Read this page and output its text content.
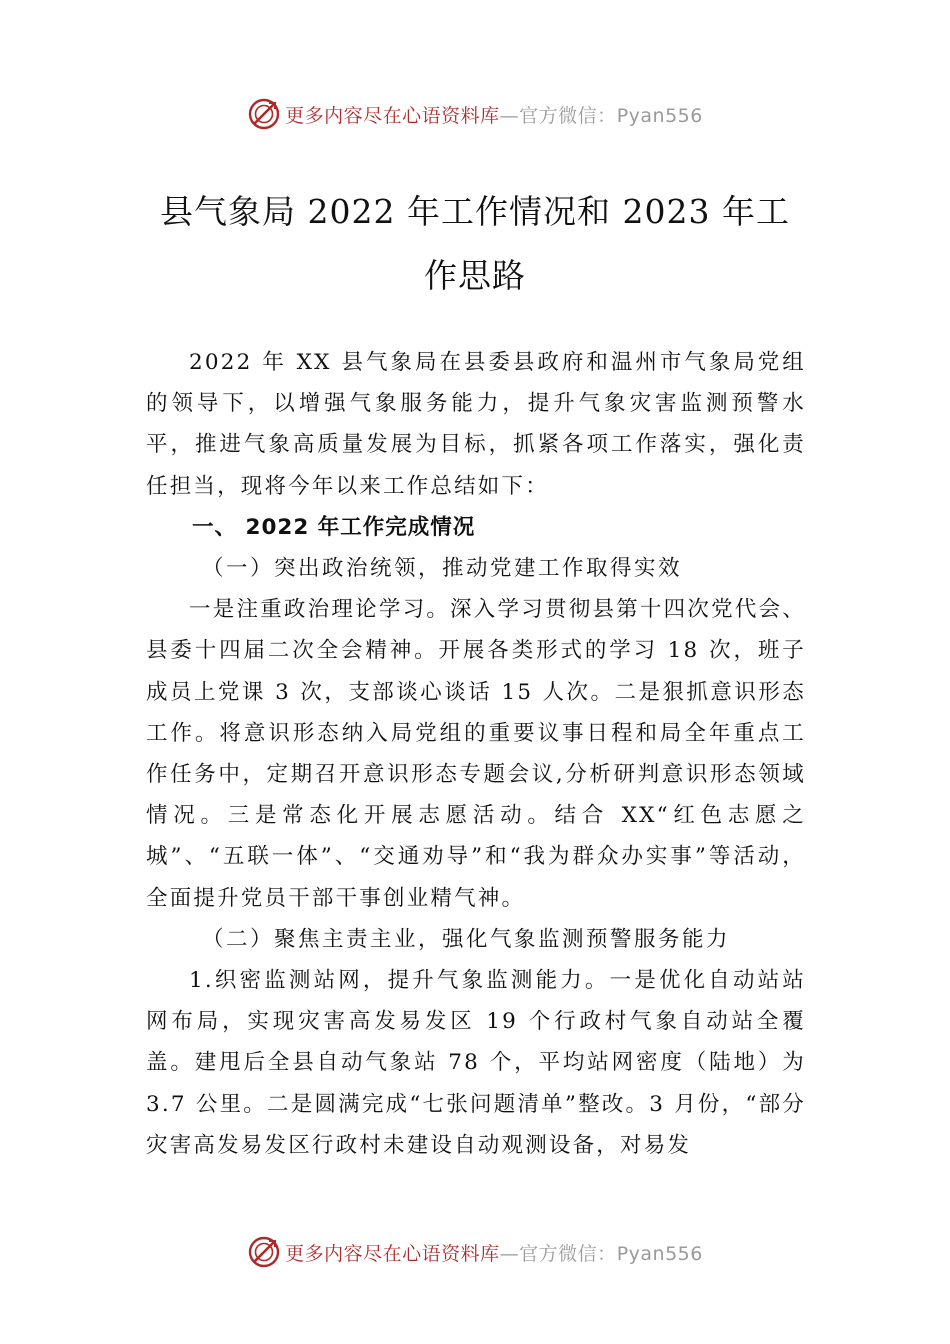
更多内容尽在心语资料库—官方微信：Pyan556
县气象局 2022 年工作情况和 2023 年工
作思路

2022 年 XX 县气象局在县委县政府和温州市气象局党组的领导下，以增强气象服务能力，提升气象灾害监测预警水平，推进气象高质量发展为目标，抓紧各项工作落实，强化责任担当，现将今年以来工作总结如下：

一、 2022 年工作完成情况
（一）突出政治统领，推动党建工作取得实效

一是注重政治理论学习。深入学习贯彻县第十四次党代会、县委十四届二次全会精神。开展各类形式的学习 18 次，班子成员上党课 3 次，支部谈心谈话 15 人次。二是狠抓意识形态工作。将意识形态纳入局党组的重要议事日程和局全年重点工作任务中，定期召开意识形态专题会议,分析研判意识形态领域情况。三是常态化开展志愿活动。结合 XX“红色志愿之城”、“五联一体”、“交通劝导”和“我为群众办实事”等活动，全面提升党员干部干事创业精气神。

（二）聚焦主责主业，强化气象监测预警服务能力

1.织密监测站网，提升气象监测能力。一是优化自动站站网布局，实现灾害高发易发区 19 个行政村气象自动站全覆盖。建甩后全县自动气象站 78 个，平均站网密度（陆地）为 3.7 公里。二是圆满完成“七张问题清单”整改。3 月份，“部分灾害高发易发区行政村未建设自动观测设备，对易发

更多内容尽在心语资料库—官方微信：Pyan556
